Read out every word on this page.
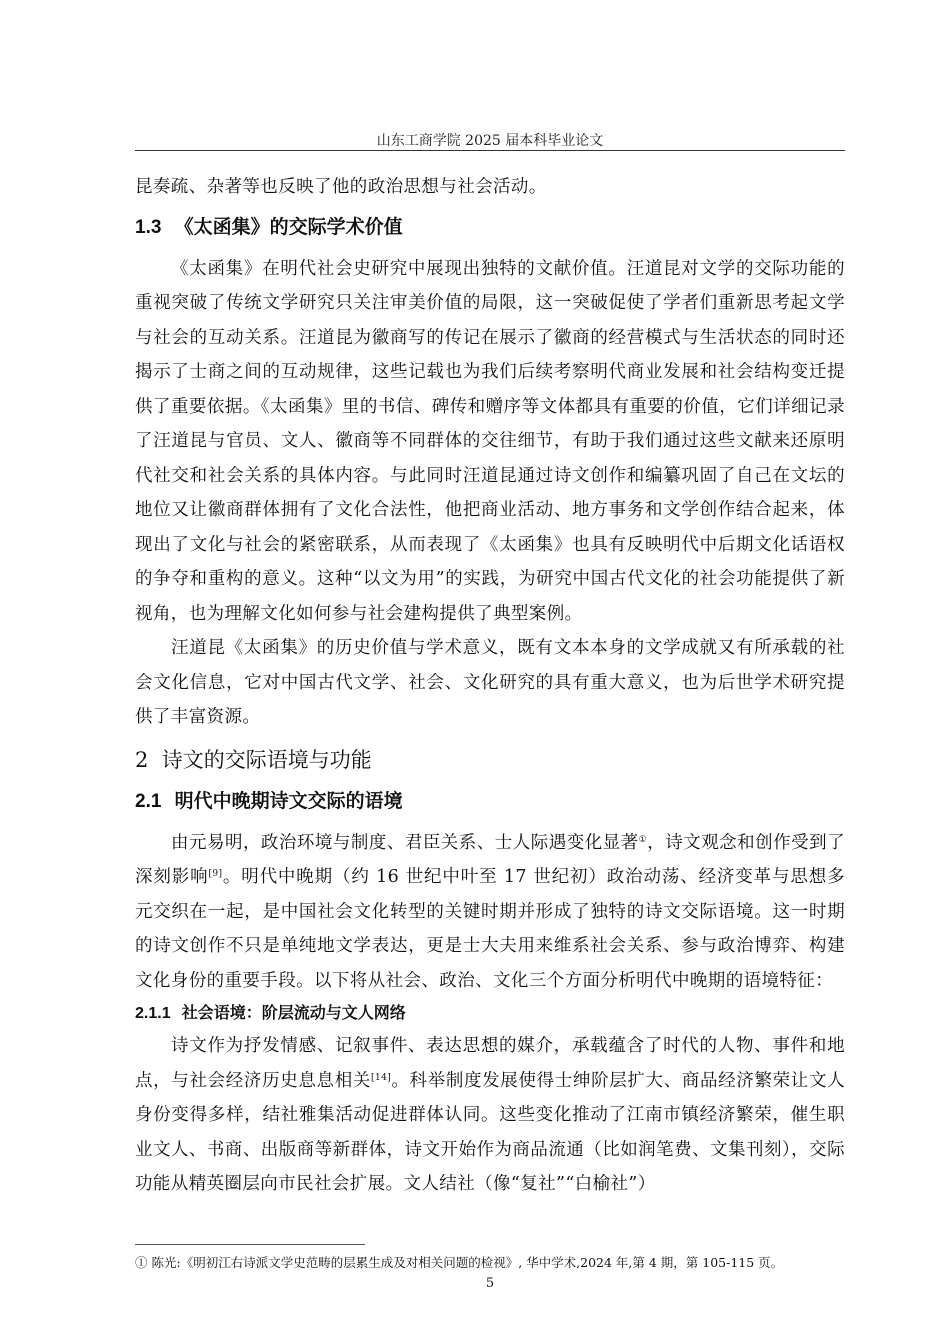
山东工商学院 2025 届本科毕业论文

昆奏疏、杂著等也反映了他的政治思想与社会活动。

1.3 《太函集》的交际学术价值

《太函集》在明代社会史研究中展现出独特的文献价值。汪道昆对文学的交际功能的重视突破了传统文学研究只关注审美价值的局限，这一突破促使了学者们重新思考起文学与社会的互动关系。汪道昆为徽商写的传记在展示了徽商的经营模式与生活状态的同时还揭示了士商之间的互动规律，这些记载也为我们后续考察明代商业发展和社会结构变迁提供了重要依据。《太函集》里的书信、碑传和赠序等文体都具有重要的价值，它们详细记录了汪道昆与官员、文人、徽商等不同群体的交往细节，有助于我们通过这些文献来还原明代社交和社会关系的具体内容。与此同时汪道昆通过诗文创作和编纂巩固了自己在文坛的地位又让徽商群体拥有了文化合法性，他把商业活动、地方事务和文学创作结合起来，体现出了文化与社会的紧密联系，从而表现了《太函集》也具有反映明代中后期文化话语权的争夺和重构的意义。这种“以文为用”的实践，为研究中国古代文化的社会功能提供了新视角，也为理解文化如何参与社会建构提供了典型案例。

汪道昆《太函集》的历史价值与学术意义，既有文本本身的文学成就又有所承载的社会文化信息，它对中国古代文学、社会、文化研究的具有重大意义，也为后世学术研究提供了丰富资源。

2 诗文的交际语境与功能
2.1 明代中晚期诗文交际的语境

由元易明，政治环境与制度、君臣关系、士人际遇变化显著①，诗文观念和创作受到了深刻影响[9]。明代中晚期（约 16 世纪中叶至 17 世纪初）政治动荡、经济变革与思想多元交织在一起，是中国社会文化转型的关键时期并形成了独特的诗文交际语境。这一时期的诗文创作不只是单纯地文学表达，更是士大夫用来维系社会关系、参与政治博弈、构建文化身份的重要手段。以下将从社会、政治、文化三个方面分析明代中晚期的语境特征：

2.1.1 社会语境：阶层流动与文人网络

诗文作为抒发情感、记叙事件、表达思想的媒介，承载蕴含了时代的人物、事件和地点，与社会经济历史息息相关[14]。科举制度发展使得士绅阶层扩大、商品经济繁荣让文人身份变得多样，结社雅集活动促进群体认同。这些变化推动了江南市镇经济繁荣，催生职业文人、书商、出版商等新群体，诗文开始作为商品流通（比如润笔费、文集刊刻），交际功能从精英圈层向市民社会扩展。文人结社（像“复社”“白榆社”）

① 陈光:《明初江右诗派文学史范畴的层累生成及对相关问题的检视》, 华中学术,2024 年,第 4 期，第 105-115 页。
5
